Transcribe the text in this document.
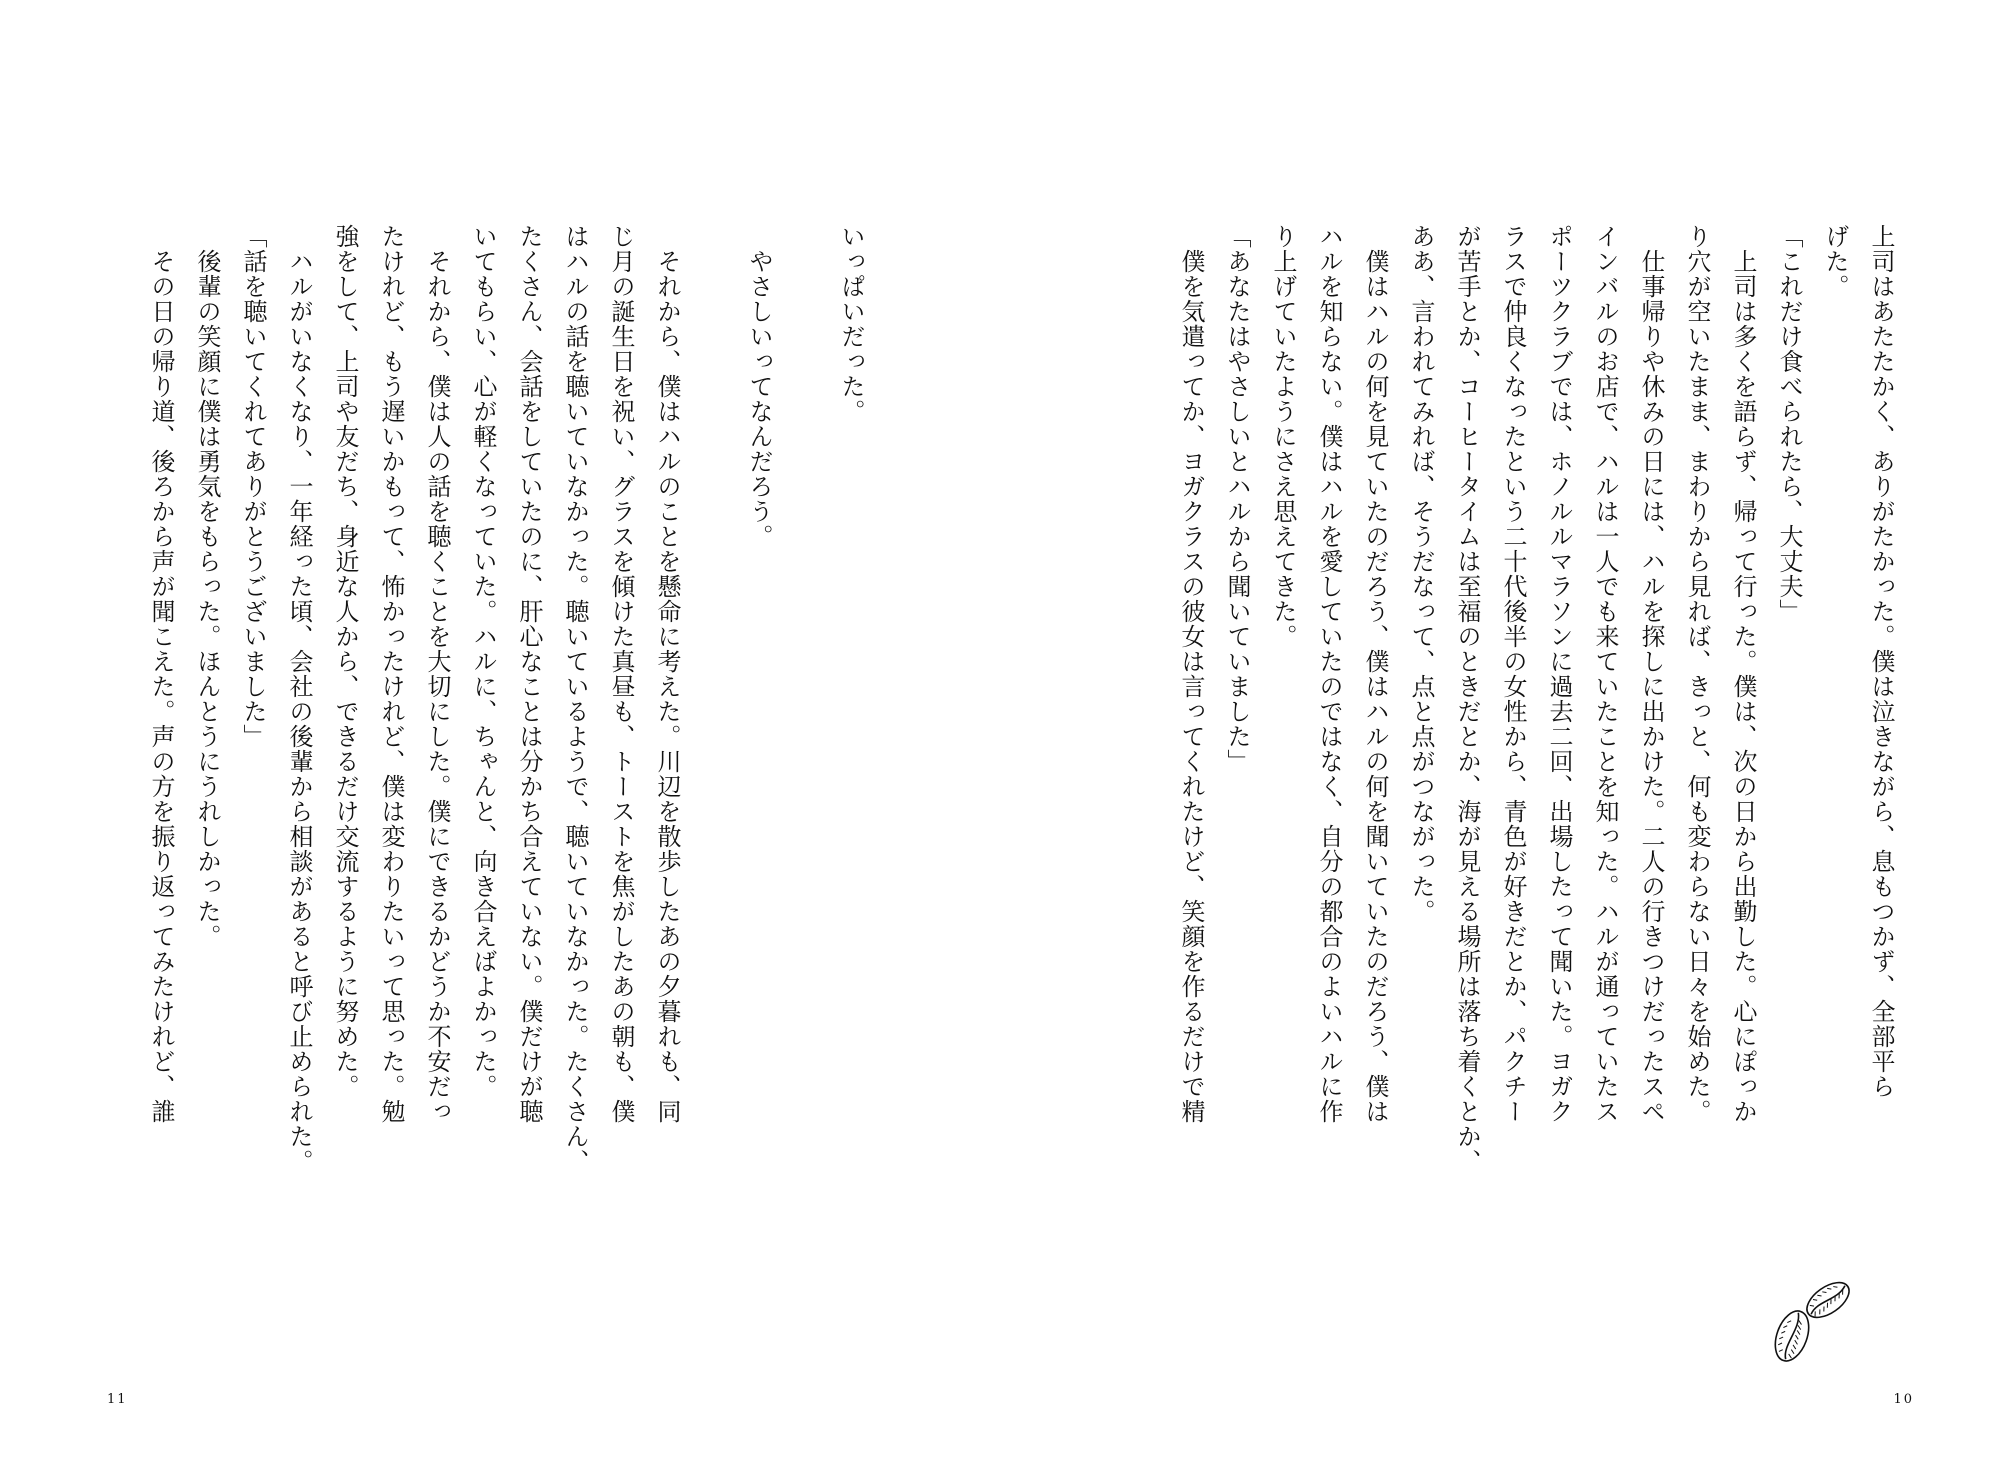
上司はあたたかく、ありがたかった。僕は泣きながら、息もつかず、全部平ら
げた。
「これだけ食べられたら、大丈夫」
　上司は多くを語らず、帰って行った。僕は、次の日から出勤した。心にぽっか
り穴が空いたまま、まわりから見れば、きっと、何も変わらない日々を始めた。
　仕事帰りや休みの日には、ハルを探しに出かけた。二人の行きつけだったスペ
インバルのお店で、ハルは一人でも来ていたことを知った。ハルが通っていたス
ポーツクラブでは、ホノルルマラソンに過去二回、出場したって聞いた。ヨガク
ラスで仲良くなったという二十代後半の女性から、青色が好きだとか、パクチー
が苦手とか、コーヒータイムは至福のときだとか、海が見える場所は落ち着くとか、
ああ、言われてみれば、そうだなって、点と点がつながった。
　僕はハルの何を見ていたのだろう、僕はハルの何を聞いていたのだろう、僕は
ハルを知らない。僕はハルを愛していたのではなく、自分の都合のよいハルに作
り上げていたようにさえ思えてきた。
「あなたはやさしいとハルから聞いていました」
　僕を気遣ってか、ヨガクラスの彼女は言ってくれたけど、笑顔を作るだけで精
10
いっぱいだった。
　やさしいってなんだろう。
　それから、僕はハルのことを懸命に考えた。川辺を散歩したあの夕暮れも、同
じ月の誕生日を祝い、グラスを傾けた真昼も、トーストを焦がしたあの朝も、僕
はハルの話を聴いていなかった。聴いているようで、聴いていなかった。たくさん、
たくさん、会話をしていたのに、肝心なことは分かち合えていない。僕だけが聴
いてもらい、心が軽くなっていた。ハルに、ちゃんと、向き合えばよかった。
　それから、僕は人の話を聴くことを大切にした。僕にできるかどうか不安だっ
たけれど、もう遅いかもって、怖かったけれど、僕は変わりたいって思った。勉
強をして、上司や友だち、身近な人から、できるだけ交流するように努めた。
　ハルがいなくなり、一年経った頃、会社の後輩から相談があると呼び止められた。
「話を聴いてくれてありがとうございました」
　後輩の笑顔に僕は勇気をもらった。ほんとうにうれしかった。
　その日の帰り道、後ろから声が聞こえた。声の方を振り返ってみたけれど、誰
11
